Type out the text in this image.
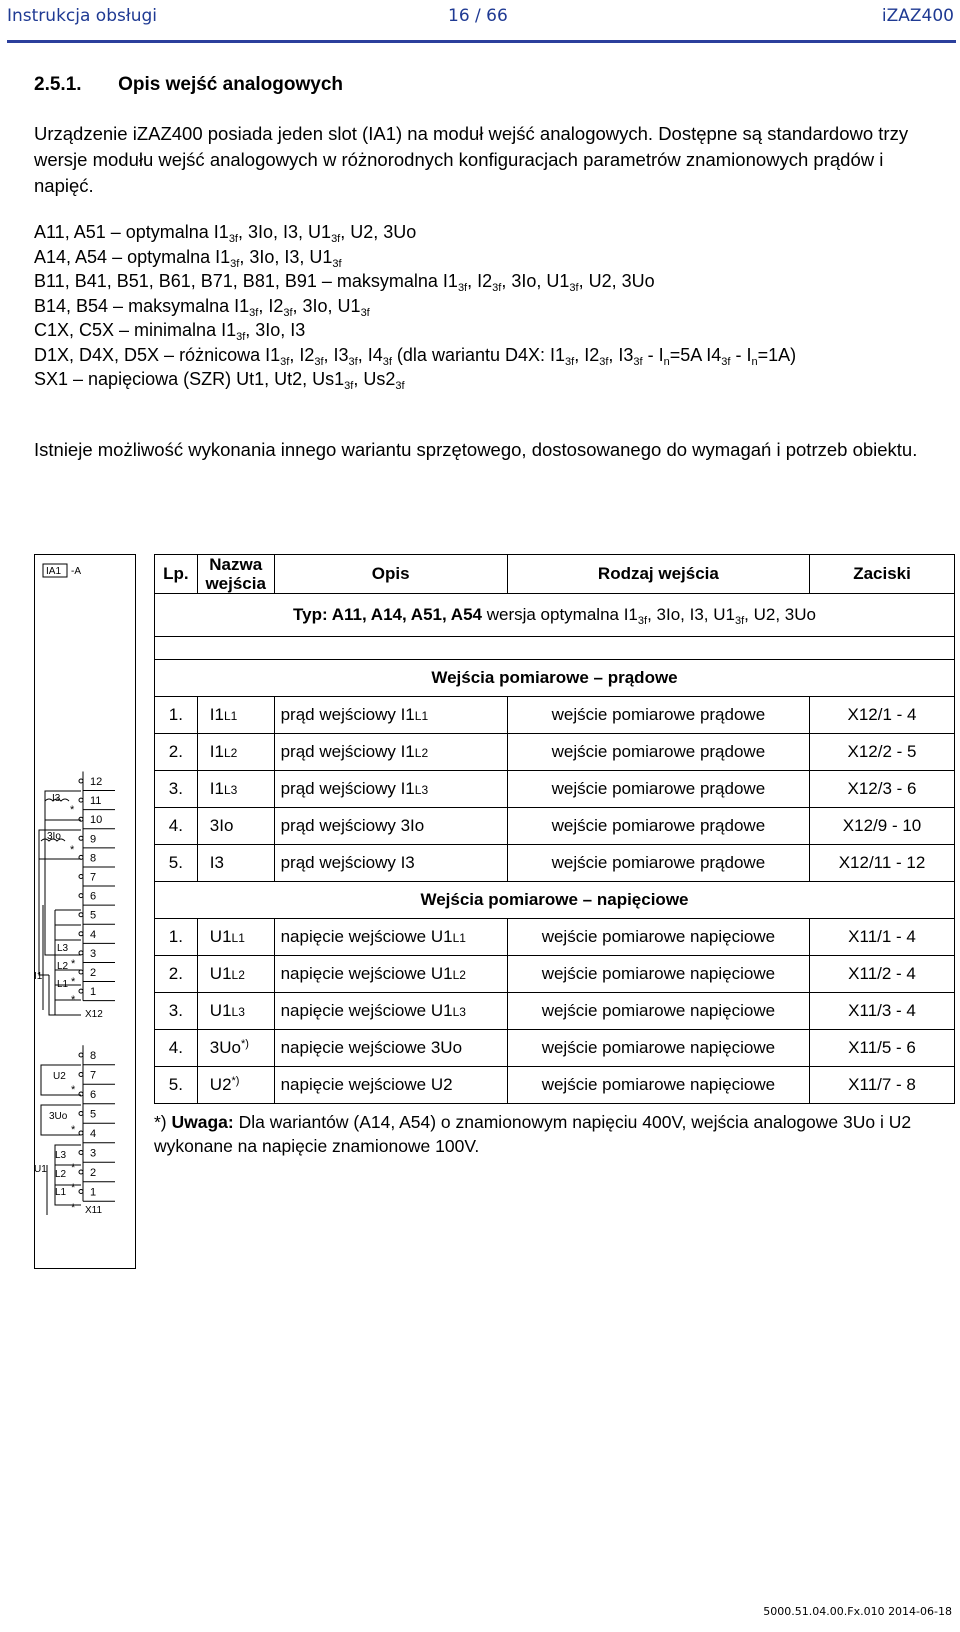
Instrukcja obsługi	16 / 66	iZAZ400
2.5.1. Opis wejść analogowych
Urządzenie iZAZ400 posiada jeden slot (IA1) na moduł wejść analogowych. Dostępne są standardowo trzy wersje modułu wejść analogowych w różnorodnych konfiguracjach parametrów znamionowych prądów i napięć.
A11, A51 – optymalna $I1_{3f}$, 3Io, I3, $U1_{3f}$, U2, 3Uo
A14, A54 – optymalna $I1_{3f}$, 3Io, I3, $U1_{3f}$
B11, B41, B51, B61, B71, B81, B91 – maksymalna $I1_{3f}$, $I2_{3f}$, 3Io, $U1_{3f}$, U2, 3Uo
B14, B54 – maksymalna $I1_{3f}$, $I2_{3f}$, 3Io, $U1_{3f}$
C1X, C5X – minimalna $I1_{3f}$, 3Io, I3
D1X, D4X, D5X – różnicowa $I1_{3f}$, $I2_{3f}$, $I3_{3f}$, $I4_{3f}$ (dla wariantu D4X: $I1_{3f}$, $I2_{3f}$, $I3_{3f} - I_n=5A$ $I4_{3f} - I_n=1A$)
SX1 – napięciowa (SZR) Ut1, Ut2, $Us1_{3f}$, $Us2_{3f}$
Istnieje możliwość wykonania innego wariantu sprzętowego, dostosowanego do wymagań i potrzeb obiektu.
IA1 -A
12
11
10
9
8
7
6
5
4
3
2
1
8
7
6
5
4
3
2
1
I3
*
3Io
*
L3
*
L2
*
L1
*
I1
U2
*
3Uo
*
L3
*
L2
*
L1
*
U1
X12
X11
Lp.	Nazwa wejścia	Opis	Rodzaj wejścia	Zaciski
Typ: A11, A14, A51, A54 wersja optymalna $I1_{3f}$, 3Io, I3, $U1_{3f}$, U2, 3Uo				

Wejścia pomiarowe – prądowe				
1.	I1L1	prąd wejściowy I1L1	wejście pomiarowe prądowe	X12/1 - 4
2.	I1L2	prąd wejściowy I1L2	wejście pomiarowe prądowe	X12/2 - 5
3.	I1L3	prąd wejściowy I1L3	wejście pomiarowe prądowe	X12/3 - 6
4.	3Io	prąd wejściowy 3Io	wejście pomiarowe prądowe	X12/9 - 10
5.	I3	prąd wejściowy I3	wejście pomiarowe prądowe	X12/11 - 12
Wejścia pomiarowe – napięciowe				
1.	U1L1	napięcie wejściowe U1L1	wejście pomiarowe napięciowe	X11/1 - 4
2.	U1L2	napięcie wejściowe U1L2	wejście pomiarowe napięciowe	X11/2 - 4
3.	U1L3	napięcie wejściowe U1L3	wejście pomiarowe napięciowe	X11/3 - 4
4.	3Uo*)	napięcie wejściowe 3Uo	wejście pomiarowe napięciowe	X11/5 - 6
5.	U2*)	napięcie wejściowe U2	wejście pomiarowe napięciowe	X11/7 - 8
*) Uwaga: Dla wariantów (A14, A54) o znamionowym napięciu 400V, wejścia analogowe 3Uo i U2 wykonane na napięcie znamionowe 100V.
5000.51.04.00.Fx.010 2014-06-18
